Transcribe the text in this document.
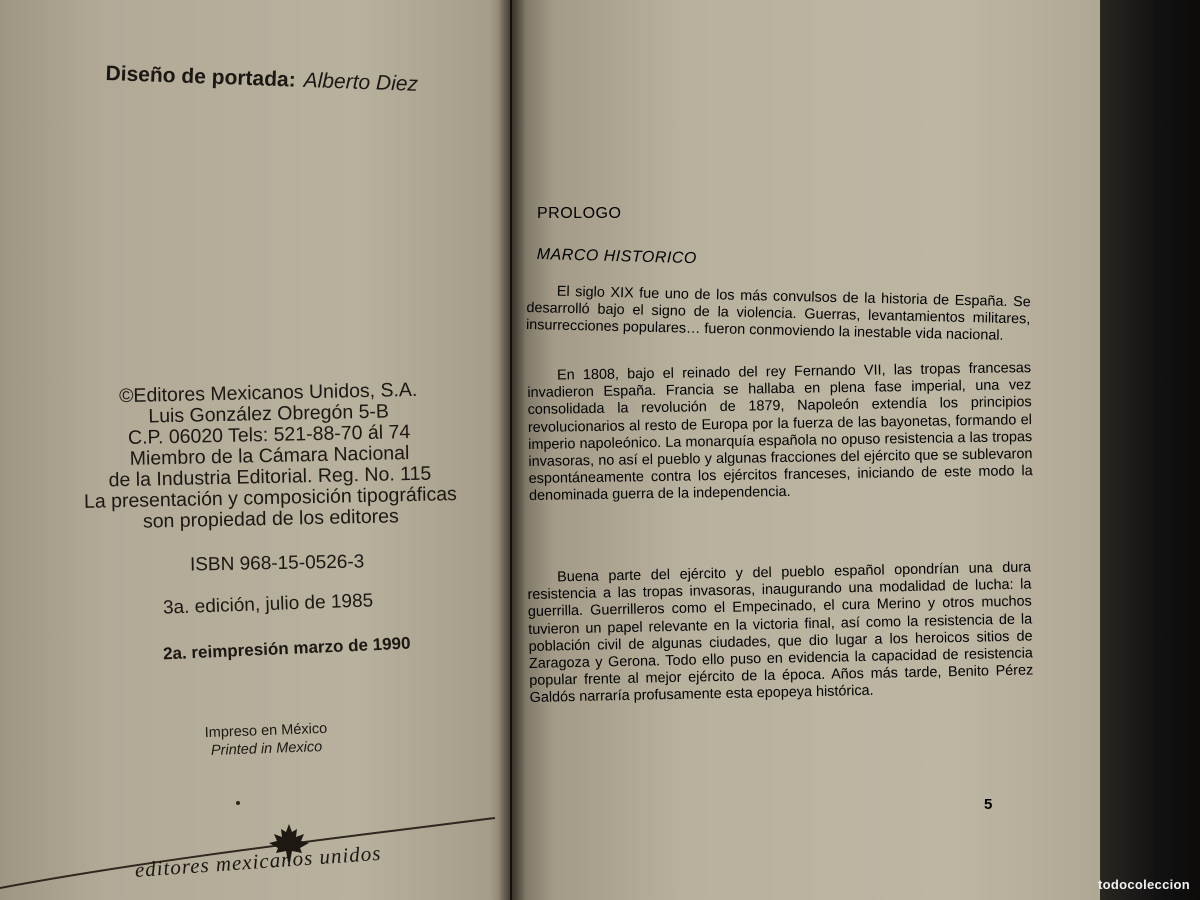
Diseño de portada: Alberto Diez
©Editores Mexicanos Unidos, S.A.
Luis González Obregón 5-B
C.P. 06020 Tels: 521-88-70 ál 74
Miembro de la Cámara Nacional
de la Industria Editorial. Reg. No. 115
La presentación y composición tipográficas
son propiedad de los editores
ISBN 968-15-0526-3
3a. edición, julio de 1985
2a. reimpresión marzo de 1990
Impreso en México
Printed in Mexico
editores mexicanos unidos
PROLOGO
MARCO HISTORICO

El siglo XIX fue uno de los más convulsos de la historia de España. Se desarrolló bajo el signo de la violencia. Guerras, levantamientos militares, insurrecciones populares… fueron conmoviendo la inestable vida nacional.

En 1808, bajo el reinado del rey Fernando VII, las tropas francesas invadieron España. Francia se hallaba en plena fase imperial, una vez consolidada la revolución de 1879, Napoleón extendía los principios revolucionarios al resto de Europa por la fuerza de las bayonetas, formando el imperio napoleónico. La monarquía española no opuso resistencia a las tropas invasoras, no así el pueblo y algunas fracciones del ejército que se sublevaron espontáneamente contra los ejércitos franceses, iniciando de este modo la denominada guerra de la independencia.

Buena parte del ejército y del pueblo español opondrían una dura resistencia a las tropas invasoras, inaugurando una modalidad de lucha: la guerrilla. Guerrilleros como el Empecinado, el cura Merino y otros muchos tuvieron un papel relevante en la victoria final, así como la resistencia de la población civil de algunas ciudades, que dio lugar a los heroicos sitios de Zaragoza y Gerona. Todo ello puso en evidencia la capacidad de resistencia popular frente al mejor ejército de la época. Años más tarde, Benito Pérez Galdós narraría profusamente esta epopeya histórica.

5
todocoleccion
